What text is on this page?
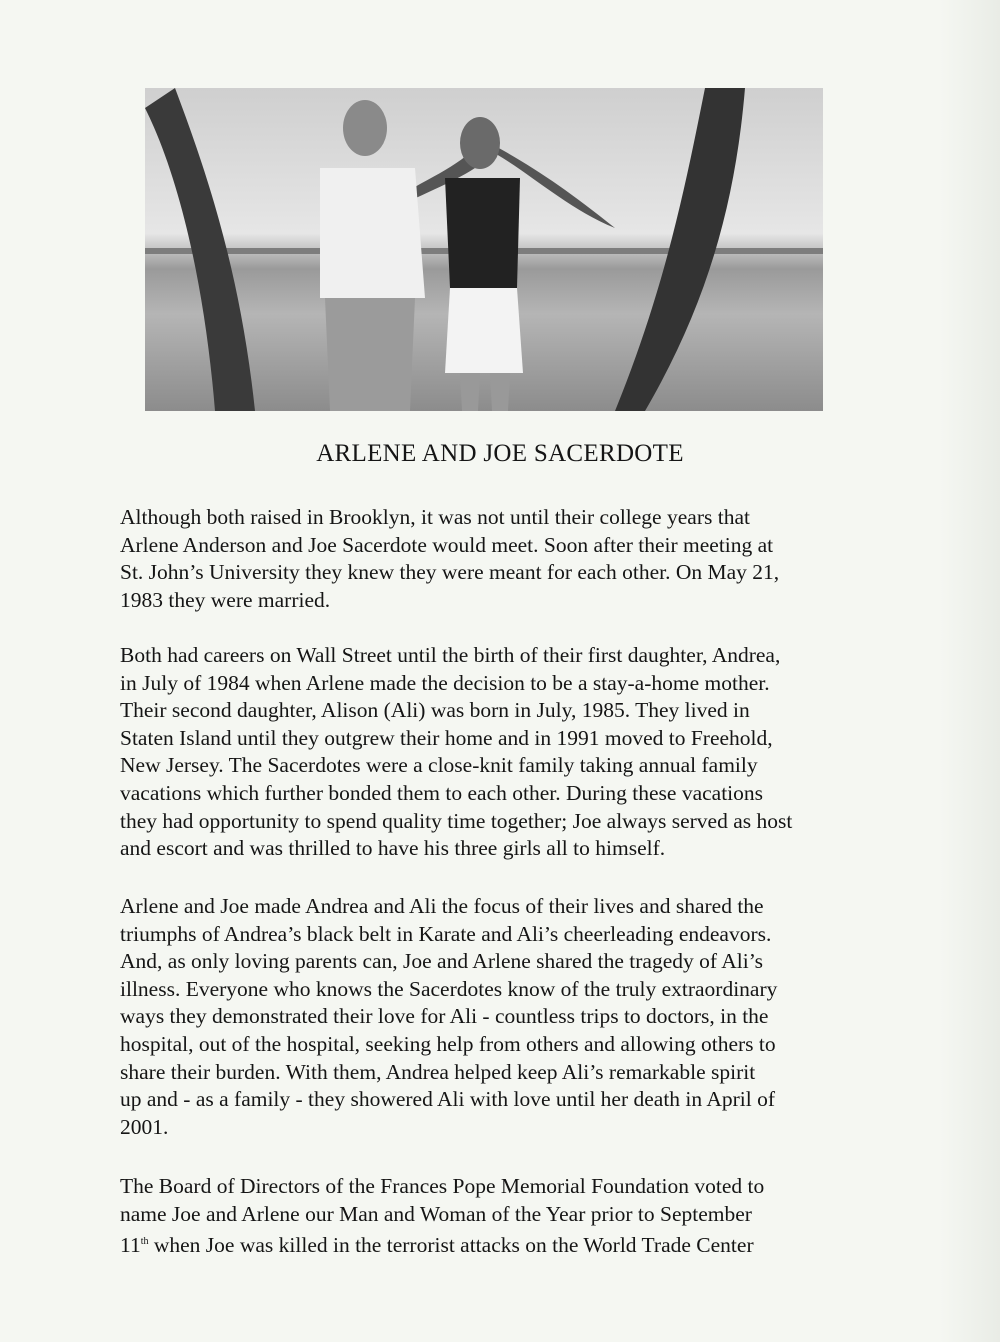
ARLENE AND JOE SACERDOTE
Although both raised in Brooklyn, it was not until their college years that
Arlene Anderson and Joe Sacerdote would meet. Soon after their meeting at
St. John’s University they knew they were meant for each other. On May 21,
1983 they were married.
Both had careers on Wall Street until the birth of their first daughter, Andrea,
in July of 1984 when Arlene made the decision to be a stay-a-home mother.
Their second daughter, Alison (Ali) was born in July, 1985. They lived in
Staten Island until they outgrew their home and in 1991 moved to Freehold,
New Jersey. The Sacerdotes were a close-knit family taking annual family
vacations which further bonded them to each other. During these vacations
they had opportunity to spend quality time together; Joe always served as host
and escort and was thrilled to have his three girls all to himself.
Arlene and Joe made Andrea and Ali the focus of their lives and shared the
triumphs of Andrea’s black belt in Karate and Ali’s cheerleading endeavors.
And, as only loving parents can, Joe and Arlene shared the tragedy of Ali’s
illness. Everyone who knows the Sacerdotes know of the truly extraordinary
ways they demonstrated their love for Ali - countless trips to doctors, in the
hospital, out of the hospital, seeking help from others and allowing others to
share their burden. With them, Andrea helped keep Ali’s remarkable spirit
up and - as a family - they showered Ali with love until her death in April of
2001.
The Board of Directors of the Frances Pope Memorial Foundation voted to
name Joe and Arlene our Man and Woman of the Year prior to September
11th when Joe was killed in the terrorist attacks on the World Trade Center
